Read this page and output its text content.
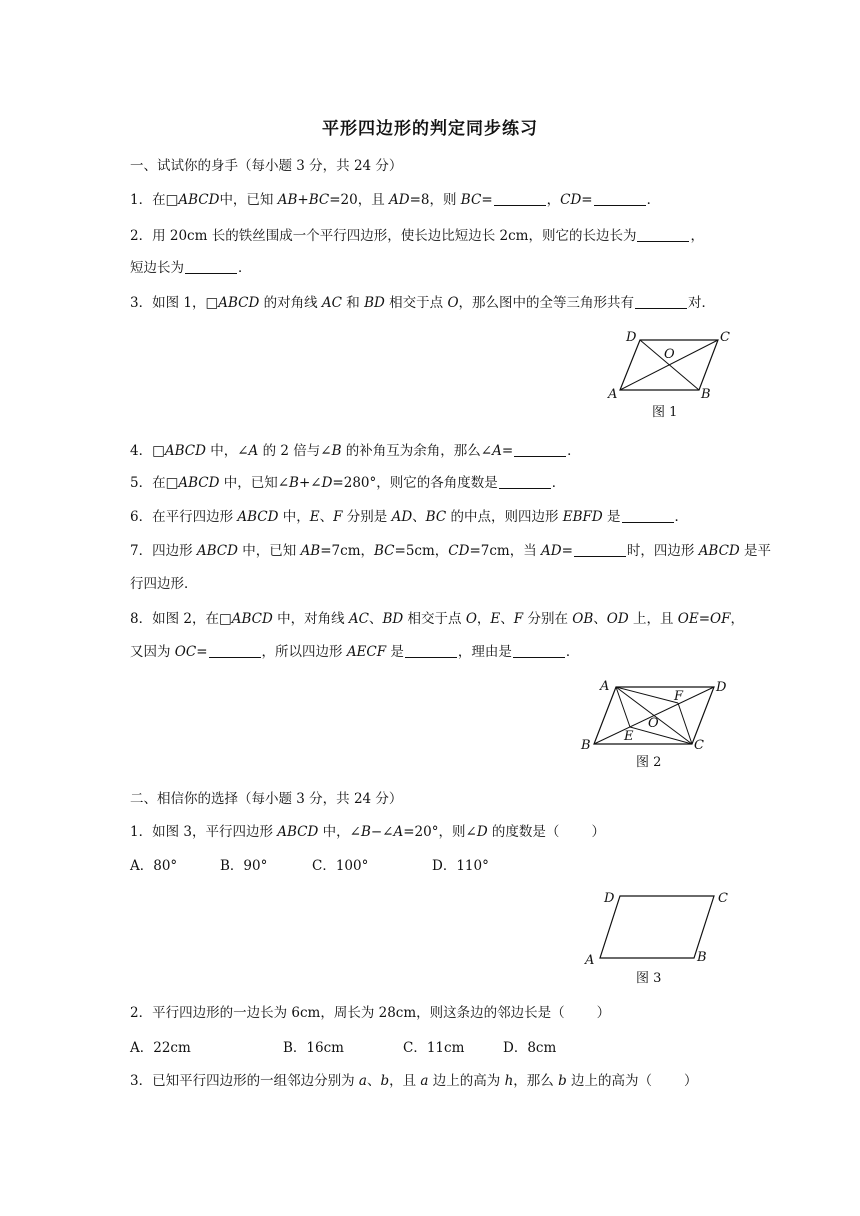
平形四边形的判定同步练习
一、试试你的身手（每小题 3 分，共 24 分）
1．在□ABCD中，已知 AB+BC=20，且 AD=8，则 BC=	，CD=	．
2．用 20cm 长的铁丝围成一个平行四边形，使长边比短边长 2cm，则它的长边长为	，
短边长为	．
3．如图 1，□ABCD 的对角线 AC 和 BD 相交于点 O，那么图中的全等三角形共有	对．
D	C
O
A	B
图 1
4．□ABCD 中，∠A 的 2 倍与∠B 的补角互为余角，那么∠A=	．
5．在□ABCD 中，已知∠B+∠D=280°，则它的各角度数是	．
6．在平行四边形 ABCD 中，E、F 分别是 AD、BC 的中点，则四边形 EBFD 是	．
7．四边形 ABCD 中，已知 AB=7cm，BC=5cm，CD=7cm，当 AD=	时，四边形 ABCD 是平
行四边形．
8．如图 2，在□ABCD 中，对角线 AC、BD 相交于点 O，E、F 分别在 OB、OD 上，且 OE=OF，
又因为 OC=	，所以四边形 AECF 是	，理由是	．
A	D
F
O
E
B	C
图 2
二、相信你的选择（每小题 3 分，共 24 分）
1．如图 3，平行四边形 ABCD 中，∠B−∠A=20°，则∠D 的度数是（ ）
A．80°	B．90°	C．100°	D．110°
D	C
A	B
图 3
2．平行四边形的一边长为 6cm，周长为 28cm，则这条边的邻边长是（ ）
A．22cm	B．16cm	C．11cm	D．8cm
3．已知平行四边形的一组邻边分别为 a、b，且 a 边上的高为 h，那么 b 边上的高为（ ）
